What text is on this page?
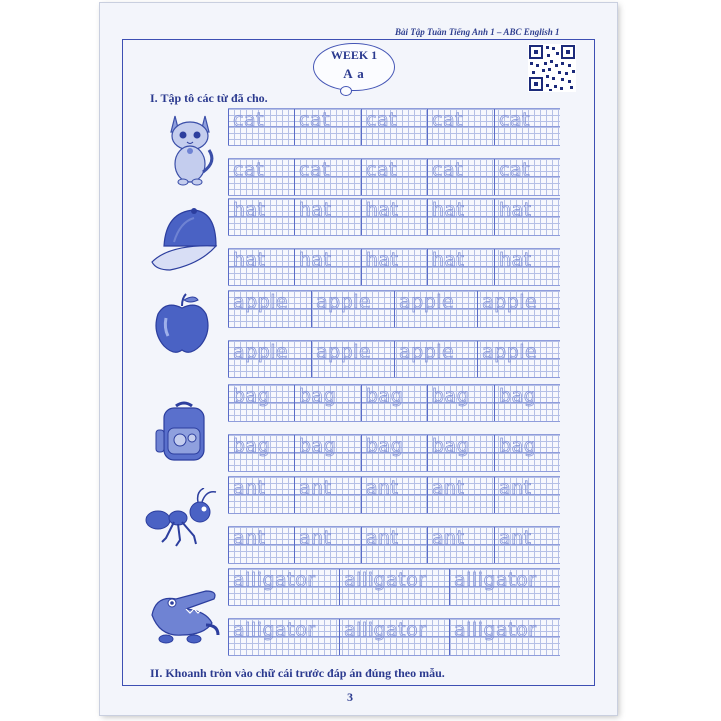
Bài Tập Tuần Tiếng Anh 1 – ABC English 1
WEEK 1
A a
I. Tập tô các từ đã cho.
cat cat cat cat cat
cat cat cat cat cat
hat hat hat hat hat
hat hat hat hat hat
apple apple apple apple
apple apple apple apple
bag bag bag bag bag
bag bag bag bag bag
ant ant ant ant ant
ant ant ant ant ant
alligator alligator alligator
alligator alligator alligator
II. Khoanh tròn vào chữ cái trước đáp án đúng theo mẫu.
3
